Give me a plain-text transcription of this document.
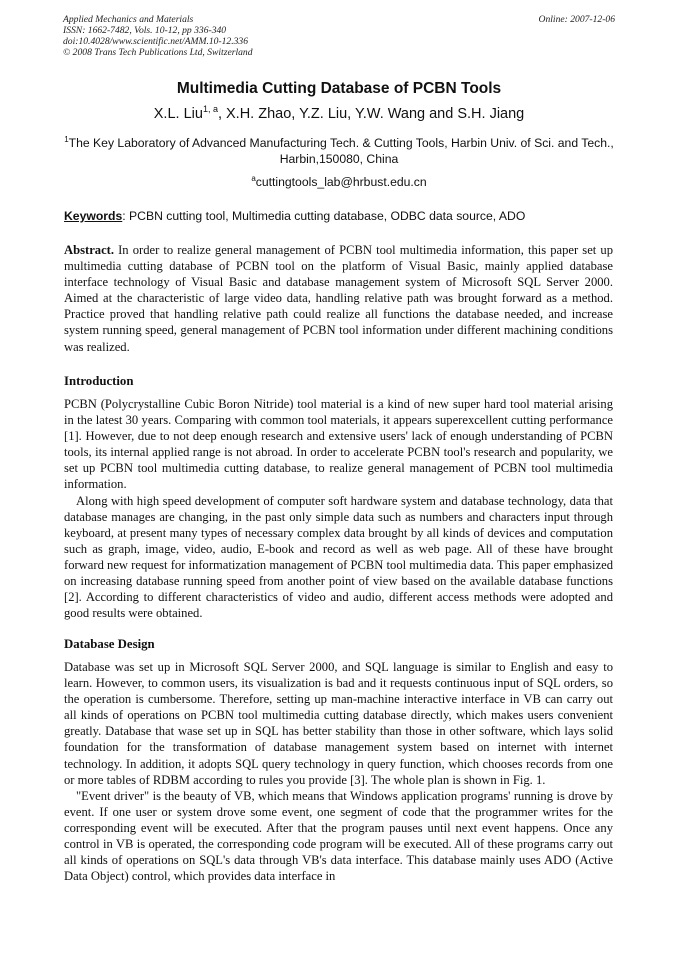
Applied Mechanics and Materials
ISSN: 1662-7482, Vols. 10-12, pp 336-340
doi:10.4028/www.scientific.net/AMM.10-12.336
© 2008 Trans Tech Publications Ltd, Switzerland
Online: 2007-12-06
Multimedia Cutting Database of PCBN Tools
X.L. Liu$^{1, a}$, X.H. Zhao, Y.Z. Liu, Y.W. Wang and S.H. Jiang
$^1$The Key Laboratory of Advanced Manufacturing Tech. & Cutting Tools, Harbin Univ. of Sci. and Tech., Harbin,150080, China
$^a$cuttingtools_lab@hrbust.edu.cn
Keywords: PCBN cutting tool, Multimedia cutting database, ODBC data source, ADO

Abstract. In order to realize general management of PCBN tool multimedia information, this paper set up multimedia cutting database of PCBN tool on the platform of Visual Basic, mainly applied database interface technology of Visual Basic and database management system of Microsoft SQL Server 2000. Aimed at the characteristic of large video data, handling relative path was brought forward as a method. Practice proved that handling relative path could realize all functions the database needed, and increase system running speed, general management of PCBN tool information under different machining conditions was realized.

Introduction

PCBN (Polycrystalline Cubic Boron Nitride) tool material is a kind of new super hard tool material arising in the latest 30 years. Comparing with common tool materials, it appears superexcellent cutting performance [1]. However, due to not deep enough research and extensive users' lack of enough understanding of PCBN tools, its internal applied range is not abroad. In order to accelerate PCBN tool's research and popularity, we set up PCBN tool multimedia cutting database, to realize general management of PCBN tool multimedia information.

Along with high speed development of computer soft hardware system and database technology, data that database manages are changing, in the past only simple data such as numbers and characters input through keyboard, at present many types of necessary complex data brought by all kinds of devices and computation such as graph, image, video, audio, E-book and record as well as web page. All of these have brought forward new request for informatization management of PCBN tool multimedia data. This paper emphasized on increasing database running speed from another point of view based on the available database functions [2]. According to different characteristics of video and audio, different access methods were adopted and good results were obtained.

Database Design

Database was set up in Microsoft SQL Server 2000, and SQL language is similar to English and easy to learn. However, to common users, its visualization is bad and it requests continuous input of SQL orders, so the operation is cumbersome. Therefore, setting up man-machine interactive interface in VB can carry out all kinds of operations on PCBN tool multimedia cutting database directly, which makes users convenient greatly. Database that wase set up in SQL has better stability than those in other software, which lays solid foundation for the transformation of database management system based on internet with internet technology. In addition, it adopts SQL query technology in query function, which chooses records from one or more tables of RDBM according to rules you provide [3]. The whole plan is shown in Fig. 1.

"Event driver" is the beauty of VB, which means that Windows application programs' running is drove by event. If one user or system drove some event, one segment of code that the programmer writes for the corresponding event will be executed. After that the program pauses until next event happens. Once any control in VB is operated, the corresponding code program will be executed. All of these programs carry out all kinds of operations on SQL's data through VB's data interface. This database mainly uses ADO (Active Data Object) control, which provides data interface in
